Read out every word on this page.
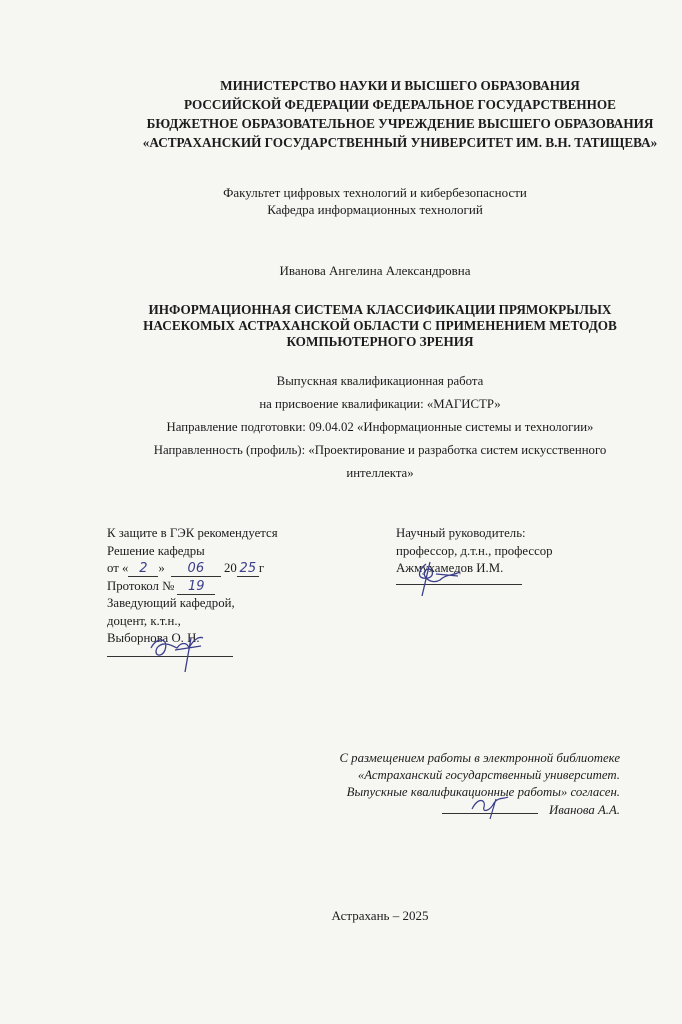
МИНИСТЕРСТВО НАУКИ И ВЫСШЕГО ОБРАЗОВАНИЯ
РОССИЙСКОЙ ФЕДЕРАЦИИ ФЕДЕРАЛЬНОЕ ГОСУДАРСТВЕННОЕ
БЮДЖЕТНОЕ ОБРАЗОВАТЕЛЬНОЕ УЧРЕЖДЕНИЕ ВЫСШЕГО ОБРАЗОВАНИЯ
«АСТРАХАНСКИЙ ГОСУДАРСТВЕННЫЙ УНИВЕРСИТЕТ ИМ. В.Н. ТАТИЩЕВА»
Факультет цифровых технологий и кибербезопасности
Кафедра информационных технологий
Иванова Ангелина Александровна
ИНФОРМАЦИОННАЯ СИСТЕМА КЛАССИФИКАЦИИ ПРЯМОКРЫЛЫХ
НАСЕКОМЫХ АСТРАХАНСКОЙ ОБЛАСТИ С ПРИМЕНЕНИЕМ МЕТОДОВ
КОМПЬЮТЕРНОГО ЗРЕНИЯ
Выпускная квалификационная работа
на присвоение квалификации: «МАГИСТР»
Направление подготовки: 09.04.02 «Информационные системы и технологии»
Направленность (профиль): «Проектирование и разработка систем искусственного
интеллекта»
К защите в ГЭК рекомендуется
Решение кафедры
от « 2 » 06 20 25 г
Протокол № 19
Заведующий кафедрой,
доцент, к.т.н.,
Выборнова О. Н.
Научный руководитель:
профессор, д.т.н., профессор
Ажмухамедов И.М.
С размещением работы в электронной библиотеке
«Астраханский государственный университет.
Выпускные квалификационные работы» согласен.

Иванова А.А.
Астрахань – 2025
